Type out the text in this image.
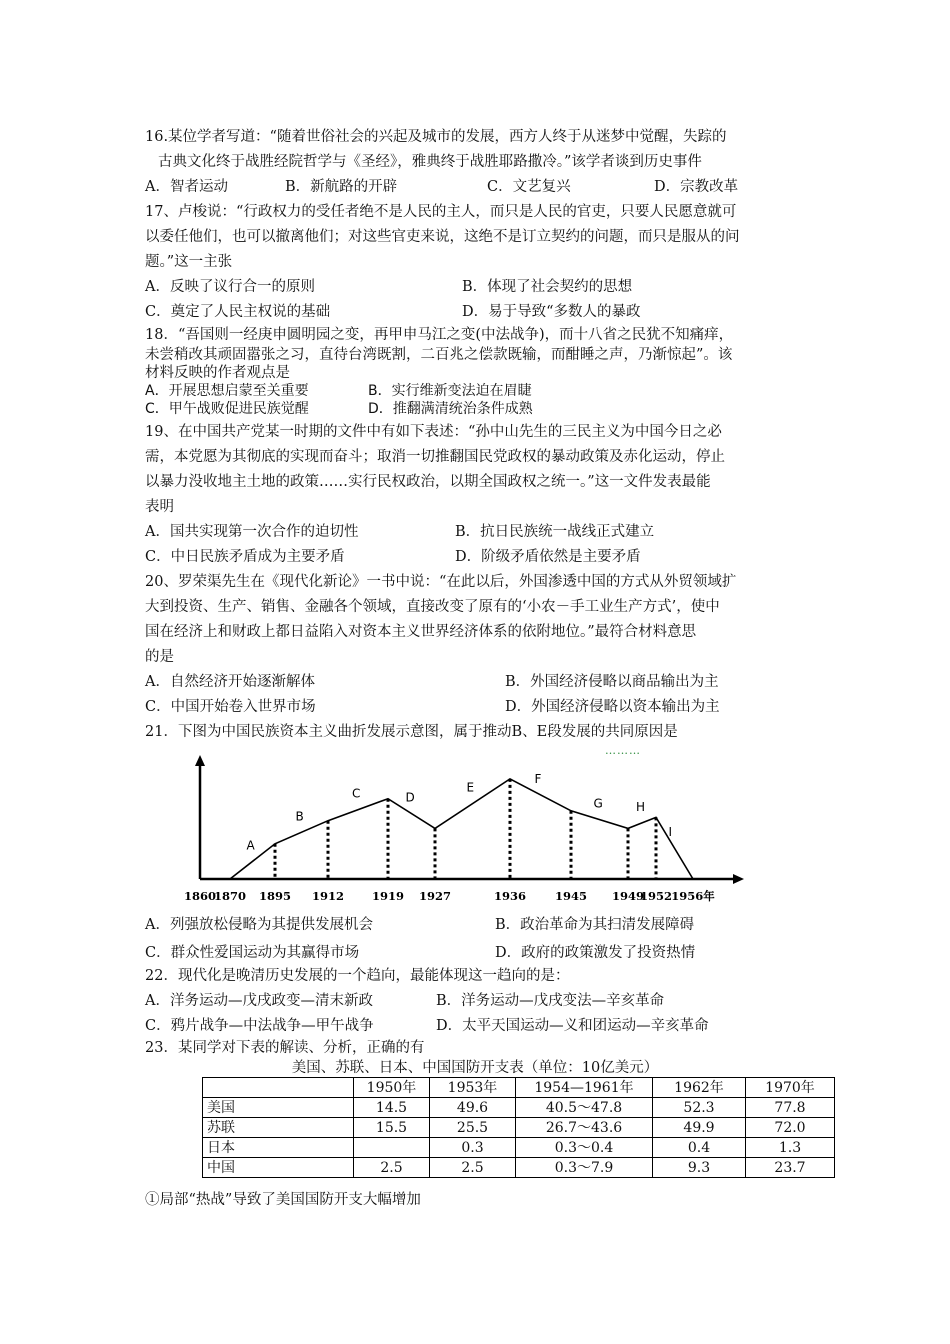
16.某位学者写道：“随着世俗社会的兴起及城市的发展，西方人终于从迷梦中觉醒，失踪的
古典文化终于战胜经院哲学与《圣经》，雅典终于战胜耶路撒冷。”该学者谈到历史事件
A．智者运动	B．新航路的开辟	C．文艺复兴	D．宗教改革
17、卢梭说：“行政权力的受任者绝不是人民的主人，而只是人民的官吏，只要人民愿意就可
以委任他们，也可以撤离他们；对这些官吏来说，这绝不是订立契约的问题，而只是服从的问
题。”这一主张
A．反映了议行合一的原则	B．体现了社会契约的思想
C．奠定了人民主权说的基础	D．易于导致“多数人的暴政
18．“吾国则一经庚申圆明园之变，再甲申马江之变(中法战争)，而十八省之民犹不知痛痒，
未尝稍改其顽固嚣张之习，直待台湾既割，二百兆之偿款既输，而酣睡之声，乃渐惊起”。该
材料反映的作者观点是
A．开展思想启蒙至关重要	B．实行维新变法迫在眉睫
C．甲午战败促进民族觉醒	D．推翻满清统治条件成熟
19、在中国共产党某一时期的文件中有如下表述：“孙中山先生的三民主义为中国今日之必
需，本党愿为其彻底的实现而奋斗；取消一切推翻国民党政权的暴动政策及赤化运动，停止
以暴力没收地主土地的政策……实行民权政治，以期全国政权之统一。”这一文件发表最能
表明
A．国共实现第一次合作的迫切性	B．抗日民族统一战线正式建立
C．中日民族矛盾成为主要矛盾	D．阶级矛盾依然是主要矛盾
20、罗荣渠先生在《现代化新论》一书中说：“在此以后，外国渗透中国的方式从外贸领域扩
大到投资、生产、销售、金融各个领域，直接改变了原有的‘小农－手工业生产方式’，使中
国在经济上和财政上都日益陷入对资本主义世界经济体系的依附地位。”最符合材料意思
的是
A．自然经济开始逐渐解体	B．外国经济侵略以商品输出为主
C．中国开始卷入世界市场	D．外国经济侵略以资本输出为主
21．下图为中国民族资本主义曲折发展示意图，属于推动B、E段发展的共同原因是
………
A
B
C	D
E
F
G	H
I
1860
1870 1895 1912 1919 1927	1936	1945 1949
1952 1956年
A．列强放松侵略为其提供发展机会	B．政治革命为其扫清发展障碍
C．群众性爱国运动为其赢得市场	D．政府的政策激发了投资热情
22．现代化是晚清历史发展的一个趋向，最能体现这一趋向的是：
A．洋务运动—戊戌政变—清末新政	B．洋务运动—戊戌变法—辛亥革命
C．鸦片战争—中法战争—甲午战争	D．太平天国运动—义和团运动—辛亥革命
23．某同学对下表的解读、分析，正确的有
美国、苏联、日本、中国国防开支表（单位：10亿美元）
	1950年	1953年	1954—1961年	1962年	1970年
美国	14.5	49.6	40.5～47.8	52.3	77.8
苏联	15.5	25.5	26.7～43.6	49.9	72.0
日本		0.3	0.3～0.4	0.4	1.3
中国	2.5	2.5	0.3～7.9	9.3	23.7
①局部“热战”导致了美国国防开支大幅增加
